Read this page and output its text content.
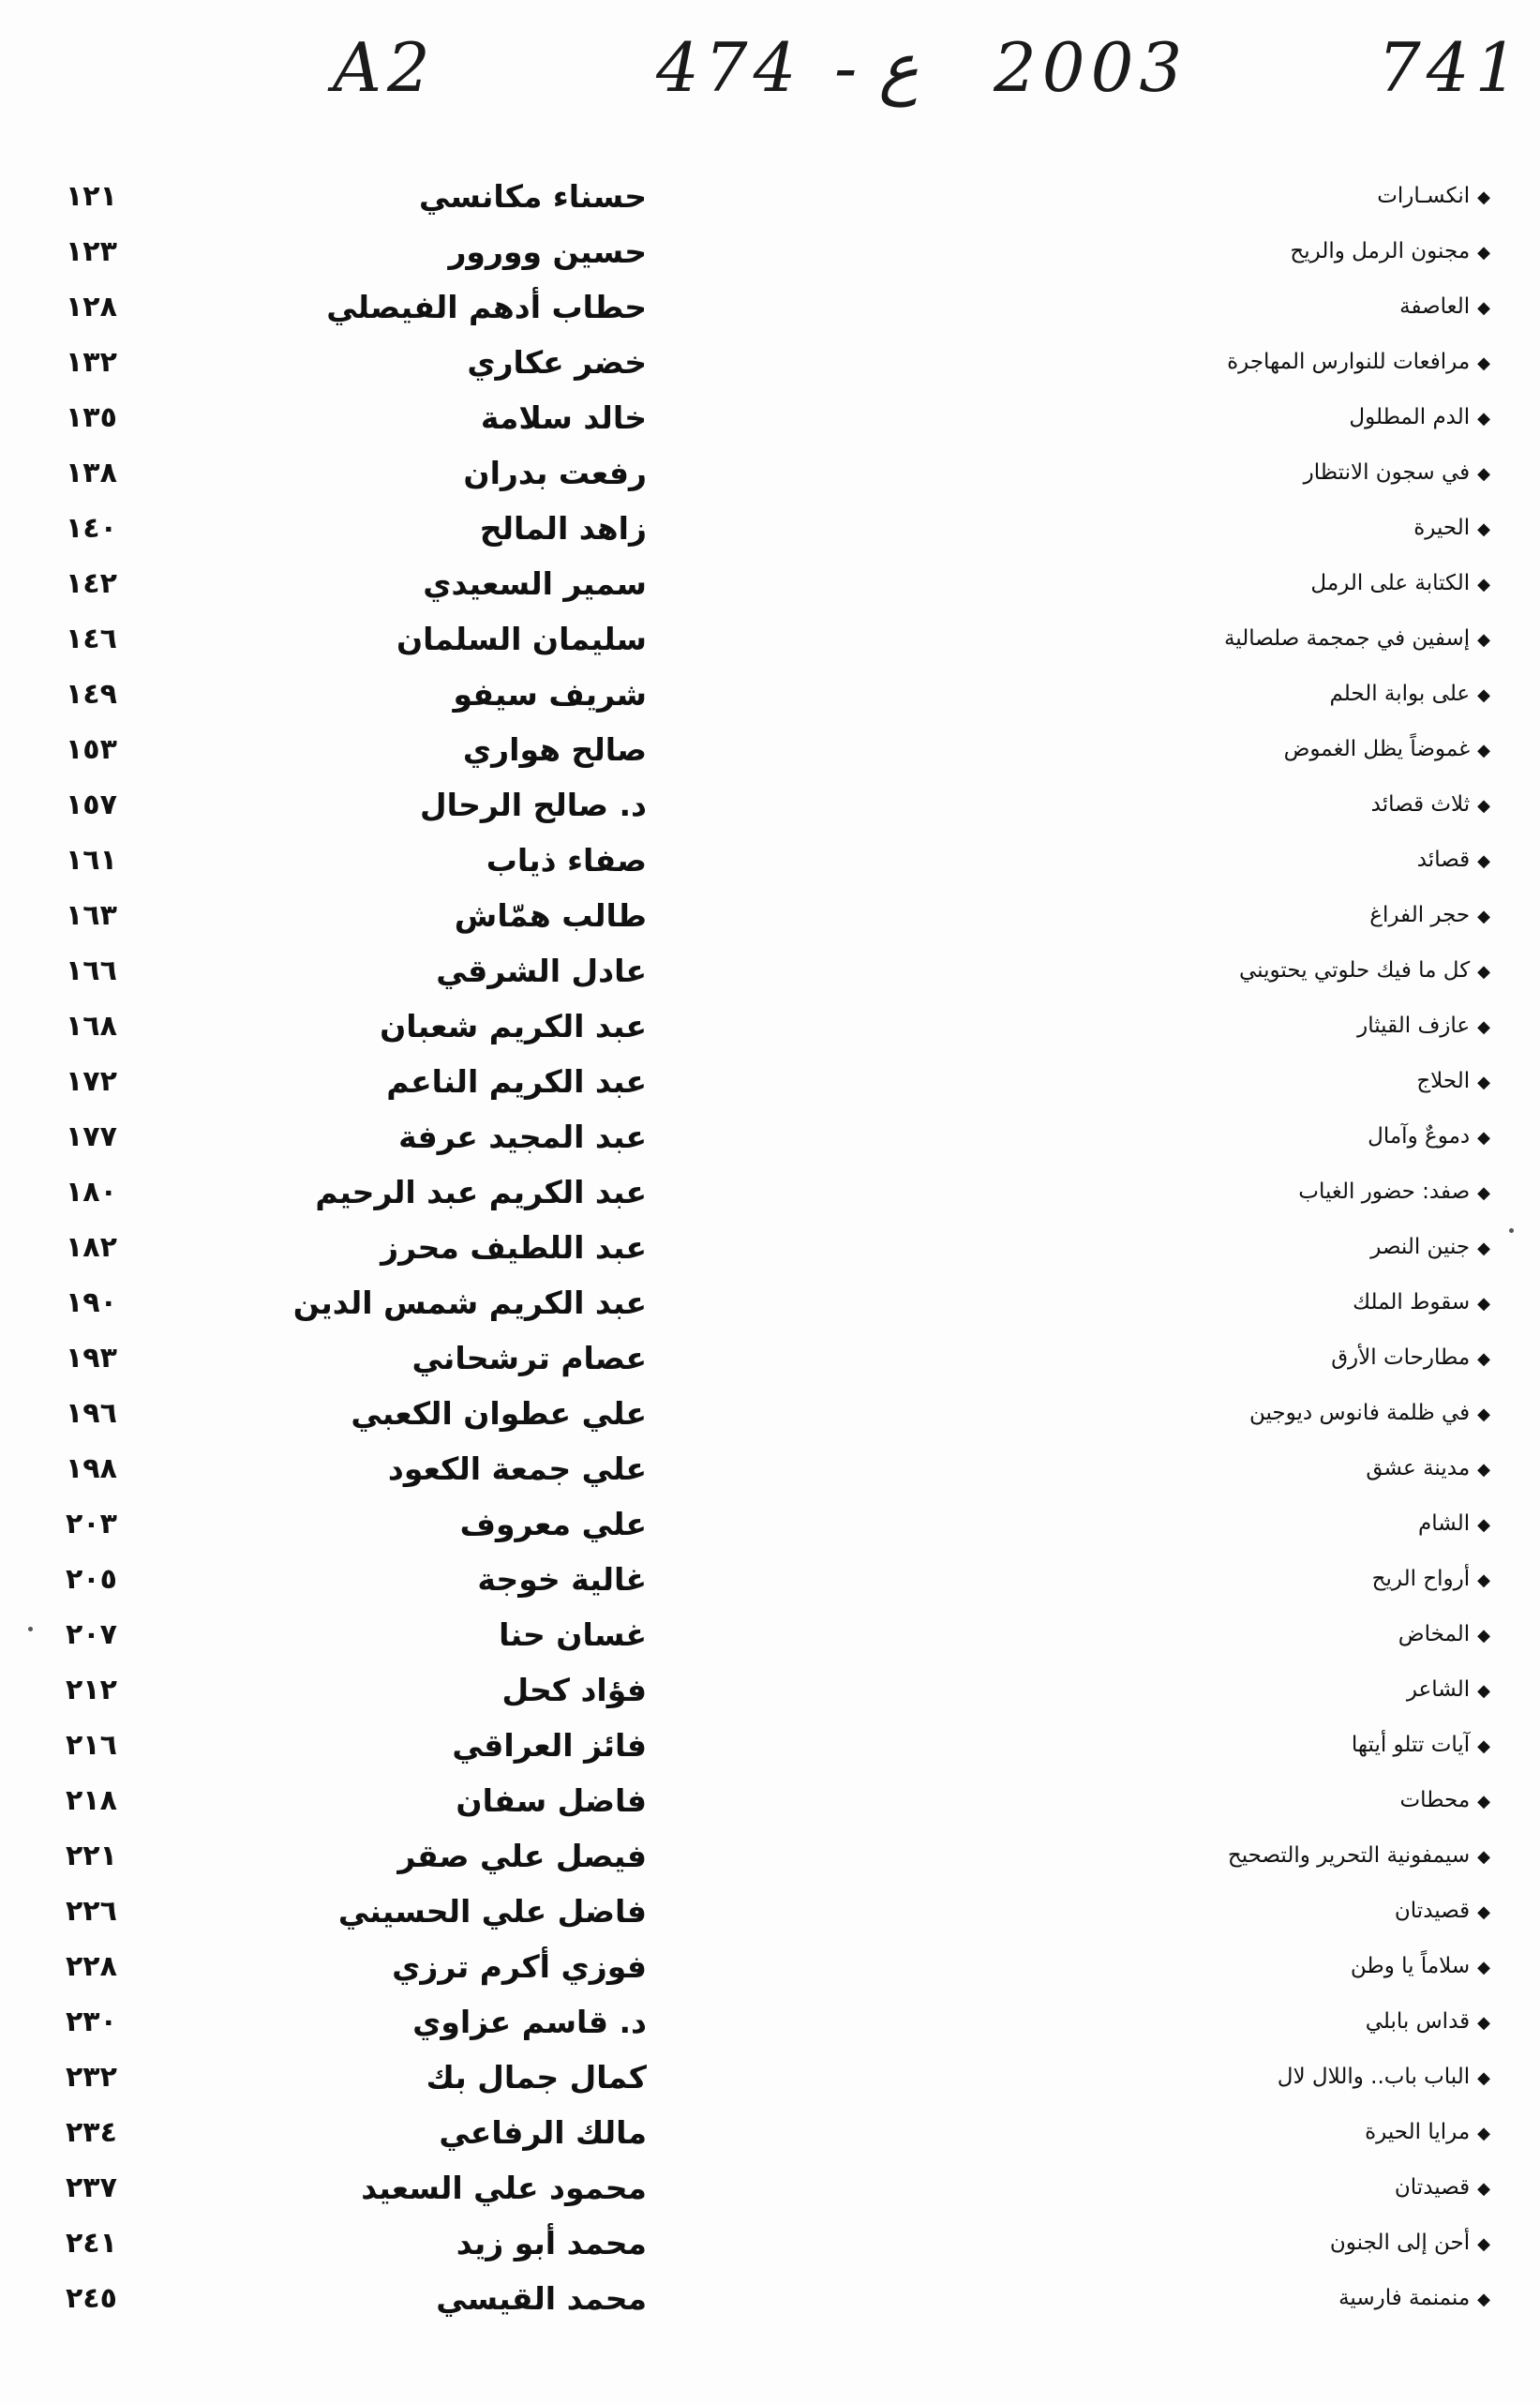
A2	474 - ع 2003	741
١٢١	حسناء مكانسي	◆انكسـارات
١٢٣	حسين وورور	◆مجنون الرمل والريح
١٢٨	حطاب أدهم الفيصلي	◆العاصفة
١٣٢	خضر عكاري	◆مرافعات للنوارس المهاجرة
١٣٥	خالد سلامة	◆الدم المطلول
١٣٨	رفعت بدران	◆في سجون الانتظار
١٤٠	زاهد المالح	◆الحيرة
١٤٢	سمير السعيدي	◆الكتابة على الرمل
١٤٦	سليمان السلمان	◆إسفين في جمجمة صلصالية
١٤٩	شريف سيفو	◆على بوابة الحلم
١٥٣	صالح هواري	◆غموضاً يظل الغموض
١٥٧	د. صالح الرحال	◆ثلاث قصائد
١٦١	صفاء ذياب	◆قصائد
١٦٣	طالب همّاش	◆حجر الفراغ
١٦٦	عادل الشرقي	◆كل ما فيك حلوتي يحتويني
١٦٨	عبد الكريم شعبان	◆عازف القيثار
١٧٢	عبد الكريم الناعم	◆الحلاج
١٧٧	عبد المجيد عرفة	◆دموعٌ وآمال
١٨٠	عبد الكريم عبد الرحيم	◆صفد: حضور الغياب
١٨٢	عبد اللطيف محرز	◆جنين النصر
١٩٠	عبد الكريم شمس الدين	◆سقوط الملك
١٩٣	عصام ترشحاني	◆مطارحات الأرق
١٩٦	علي عطوان الكعبي	◆في ظلمة فانوس ديوجين
١٩٨	علي جمعة الكعود	◆مدينة عشق
٢٠٣	علي معروف	◆الشام
٢٠٥	غالية خوجة	◆أرواح الريح
٢٠٧	غسان حنا	◆المخاض
٢١٢	فؤاد كحل	◆الشاعر
٢١٦	فائز العراقي	◆آيات تتلو أيتها
٢١٨	فاضل سفان	◆محطات
٢٢١	فيصل علي صقر	◆سيمفونية التحرير والتصحيح
٢٢٦	فاضل علي الحسيني	◆قصيدتان
٢٢٨	فوزي أكرم ترزي	◆سلاماً يا وطن
٢٣٠	د. قاسم عزاوي	◆قداس بابلي
٢٣٢	كمال جمال بك	◆الباب باب.. واللال لال
٢٣٤	مالك الرفاعي	◆مرايا الحيرة
٢٣٧	محمود علي السعيد	◆قصيدتان
٢٤١	محمد أبو زيد	◆أحن إلى الجنون
٢٤٥	محمد القيسي	◆منمنمة فارسية
